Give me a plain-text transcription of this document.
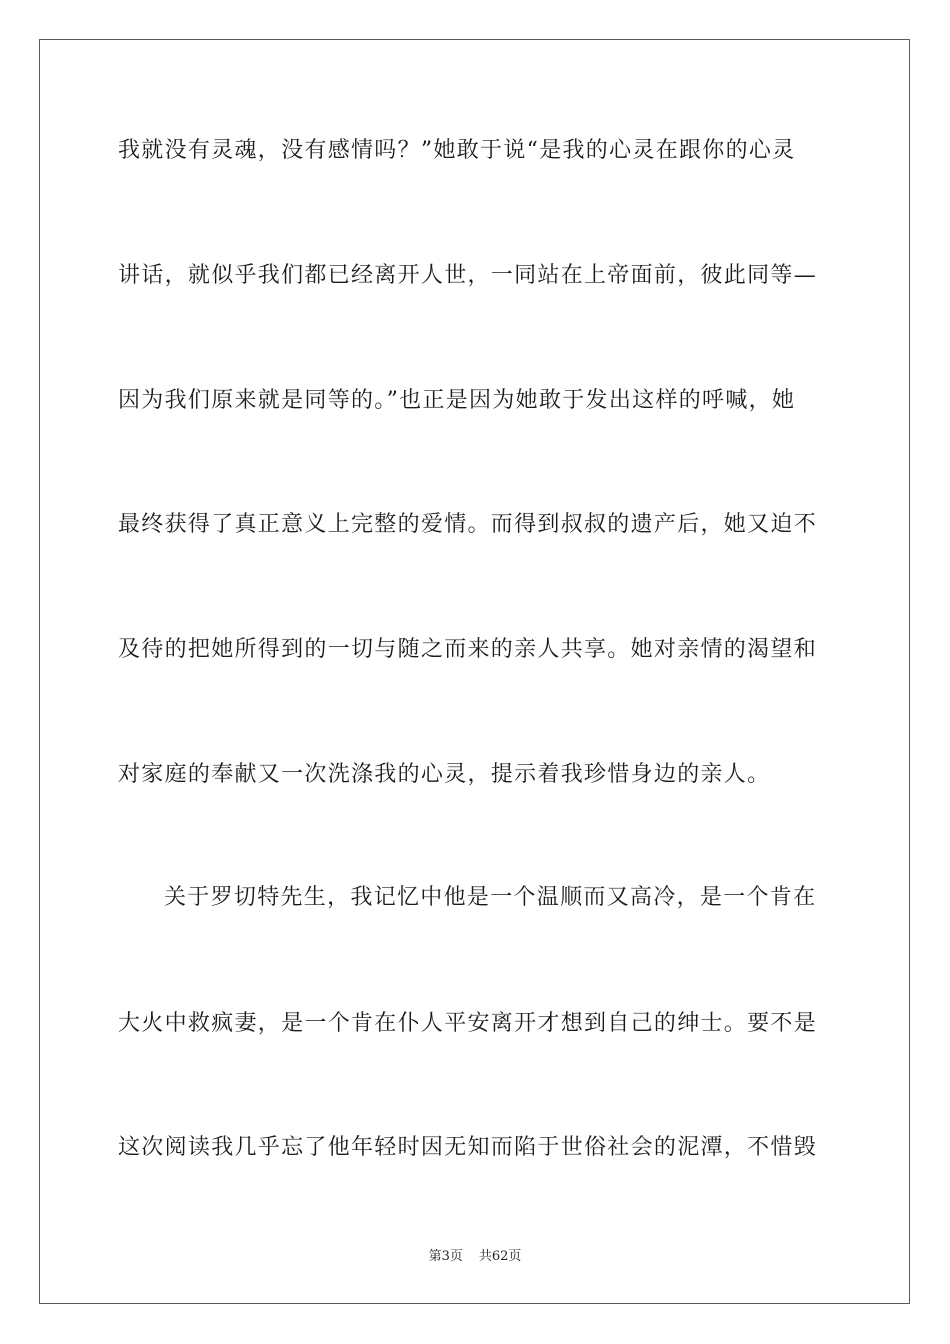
我就没有灵魂，没有感情吗？”她敢于说“是我的心灵在跟你的心灵
讲话，就似乎我们都已经离开人世，一同站在上帝面前，彼此同等—
因为我们原来就是同等的。”也正是因为她敢于发出这样的呼喊，她
最终获得了真正意义上完整的爱情。而得到叔叔的遗产后，她又迫不
及待的把她所得到的一切与随之而来的亲人共享。她对亲情的渴望和
对家庭的奉献又一次洗涤我的心灵，提示着我珍惜身边的亲人。
关于罗切特先生，我记忆中他是一个温顺而又高冷，是一个肯在
大火中救疯妻，是一个肯在仆人平安离开才想到自己的绅士。要不是
这次阅读我几乎忘了他年轻时因无知而陷于世俗社会的泥潭，不惜毁
第3页 共62页
